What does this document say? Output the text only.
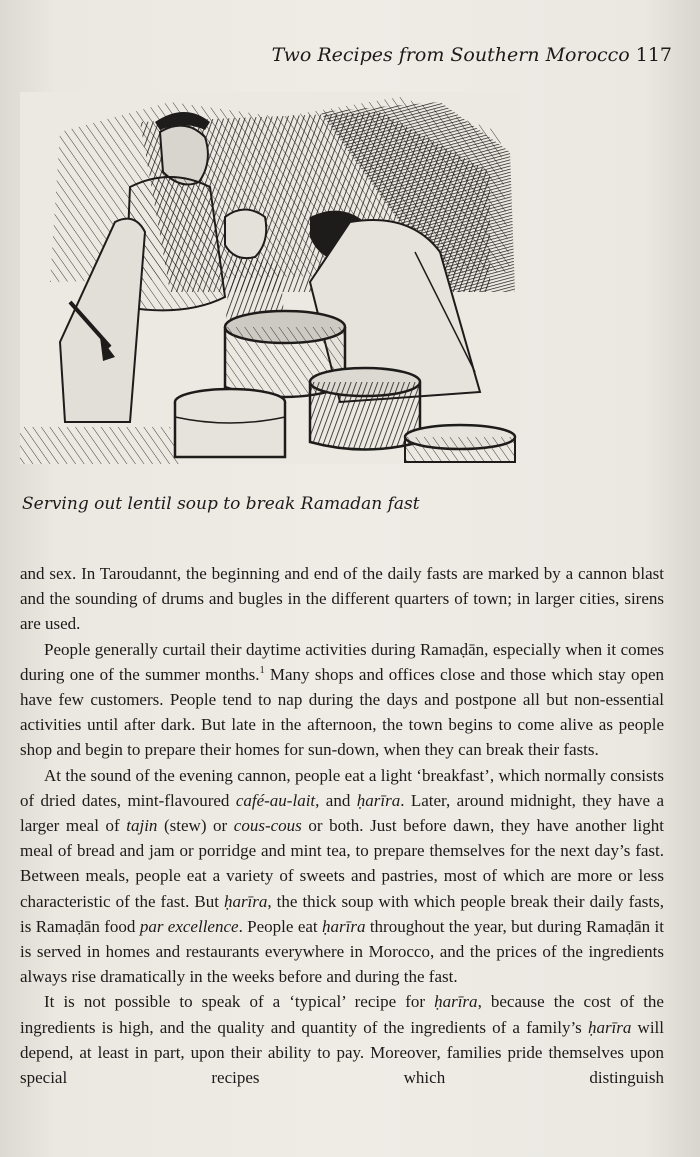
Two Recipes from Southern Morocco 117
Serving out lentil soup to break Ramadan fast

and sex. In Taroudannt, the beginning and end of the daily fasts are marked by a cannon blast and the sounding of drums and bugles in the different quarters of town; in larger cities, sirens are used.

People generally curtail their daytime activities during Ramaḍān, especially when it comes during one of the summer months.$^1$ Many shops and offices close and those which stay open have few customers. People tend to nap during the days and postpone all but non-essential activities until after dark. But late in the afternoon, the town begins to come alive as people shop and begin to prepare their homes for sun-down, when they can break their fasts.

At the sound of the evening cannon, people eat a light ‘breakfast’, which normally consists of dried dates, mint-flavoured café-au-lait, and ḥarīra. Later, around midnight, they have a larger meal of tajin (stew) or cous-cous or both. Just before dawn, they have another light meal of bread and jam or porridge and mint tea, to prepare themselves for the next day’s fast. Between meals, people eat a variety of sweets and pastries, most of which are more or less characteristic of the fast. But ḥarīra, the thick soup with which people break their daily fasts, is Ramaḍān food par excellence. People eat ḥarīra throughout the year, but during Ramaḍān it is served in homes and restaurants everywhere in Morocco, and the prices of the ingredients always rise dramatically in the weeks before and during the fast.

It is not possible to speak of a ‘typical’ recipe for ḥarīra, because the cost of the ingredients is high, and the quality and quantity of the ingredients of a family’s ḥarīra will depend, at least in part, upon their ability to pay. Moreover, families pride themselves upon special recipes which distinguish
